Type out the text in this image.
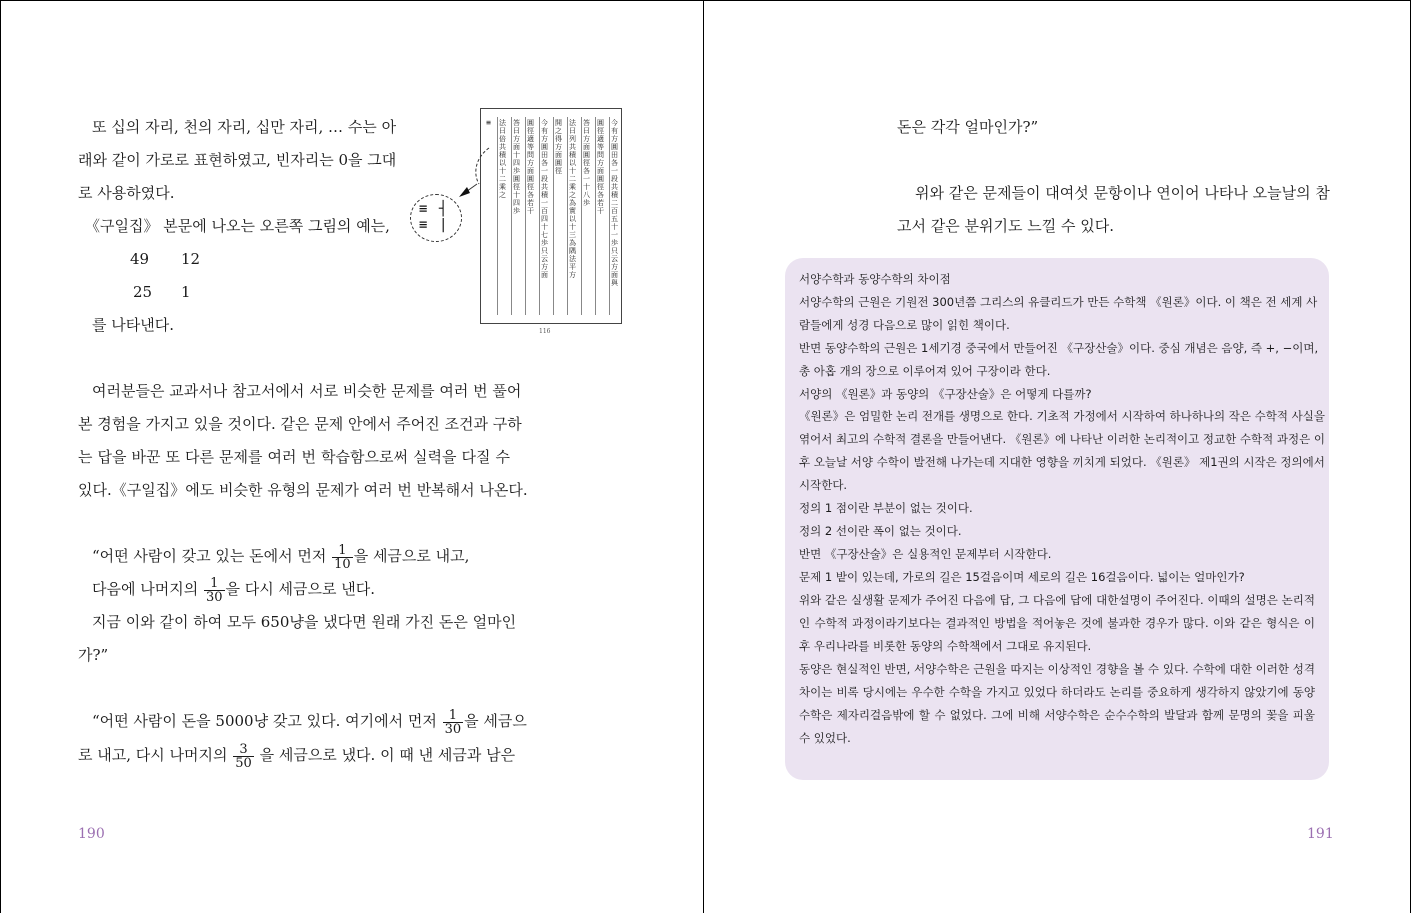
또 십의 자리, 천의 자리, 십만 자리, … 수는 아
래와 같이 가로로 표현하였고, 빈자리는 0을 그대
로 사용하였다.
《구일집》 본문에 나오는 오른쪽 그림의 예는,
49 12
25 1
를 나타낸다.
今有方圓田各一段共積二百五十一歩只云方面與
圓徑適等問方面圓徑各若干
答曰方面圓徑各一十八歩
法曰列共積以十二乘之為實以十三為隅法平方
開之得方面圓徑
今有方圓田各一段共積一百四十七歩只云方面
圓徑適等問方面圓徑各若干
答曰方面十四歩 圓徑十四歩
法曰倍共積以十二乘之
≡
116
≡ ┤
≡ |
여러분들은 교과서나 참고서에서 서로 비슷한 문제를 여러 번 풀어
본 경험을 가지고 있을 것이다. 같은 문제 안에서 주어진 조건과 구하
는 답을 바꾼 또 다른 문제를 여러 번 학습함으로써 실력을 다질 수
있다.《구일집》에도 비슷한 유형의 문제가 여러 번 반복해서 나온다.
“어떤 사람이 갖고 있는 돈에서 먼저 $\frac{1}{10}$ 을 세금으로 내고,
다음에 나머지의 $\frac{1}{30}$ 을 다시 세금으로 낸다.
지금 이와 같이 하여 모두 650냥을 냈다면 원래 가진 돈은 얼마인
가?”
“어떤 사람이 돈을 5000냥 갖고 있다. 여기에서 먼저 $\frac{1}{30}$ 을 세금으
로 내고, 다시 나머지의 $\frac{3}{50}$ 을 세금으로 냈다. 이 때 낸 세금과 남은
190
돈은 각각 얼마인가?”
위와 같은 문제들이 대여섯 문항이나 연이어 나타나 오늘날의 참
고서 같은 분위기도 느낄 수 있다.
서양수학과 동양수학의 차이점
서양수학의 근원은 기원전 300년쯤 그리스의 유클리드가 만든 수학책 《원론》이다. 이 책은 전 세계 사
람들에게 성경 다음으로 많이 읽힌 책이다.
반면 동양수학의 근원은 1세기경 중국에서 만들어진 《구장산술》이다. 중심 개념은 음양, 즉 +, −이며,
총 아홉 개의 장으로 이루어져 있어 구장이라 한다.
서양의 《원론》과 동양의 《구장산술》은 어떻게 다를까?
《원론》은 엄밀한 논리 전개를 생명으로 한다. 기초적 가정에서 시작하여 하나하나의 작은 수학적 사실을
엮어서 최고의 수학적 결론을 만들어낸다. 《원론》에 나타난 이러한 논리적이고 정교한 수학적 과정은 이
후 오늘날 서양 수학이 발전해 나가는데 지대한 영향을 끼치게 되었다. 《원론》 제1권의 시작은 정의에서
시작한다.
정의 1 점이란 부분이 없는 것이다.
정의 2 선이란 폭이 없는 것이다.
반면 《구장산술》은 실용적인 문제부터 시작한다.
문제 1 밭이 있는데, 가로의 길은 15걸음이며 세로의 길은 16걸음이다. 넓이는 얼마인가?
위와 같은 실생활 문제가 주어진 다음에 답, 그 다음에 답에 대한설명이 주어진다. 이때의 설명은 논리적
인 수학적 과정이라기보다는 결과적인 방법을 적어놓은 것에 불과한 경우가 많다. 이와 같은 형식은 이
후 우리나라를 비롯한 동양의 수학책에서 그대로 유지된다.
동양은 현실적인 반면, 서양수학은 근원을 따지는 이상적인 경향을 볼 수 있다. 수학에 대한 이러한 성격
차이는 비록 당시에는 우수한 수학을 가지고 있었다 하더라도 논리를 중요하게 생각하지 않았기에 동양
수학은 제자리걸음밖에 할 수 없었다. 그에 비해 서양수학은 순수수학의 발달과 함께 문명의 꽃을 피울
수 있었다.
191
